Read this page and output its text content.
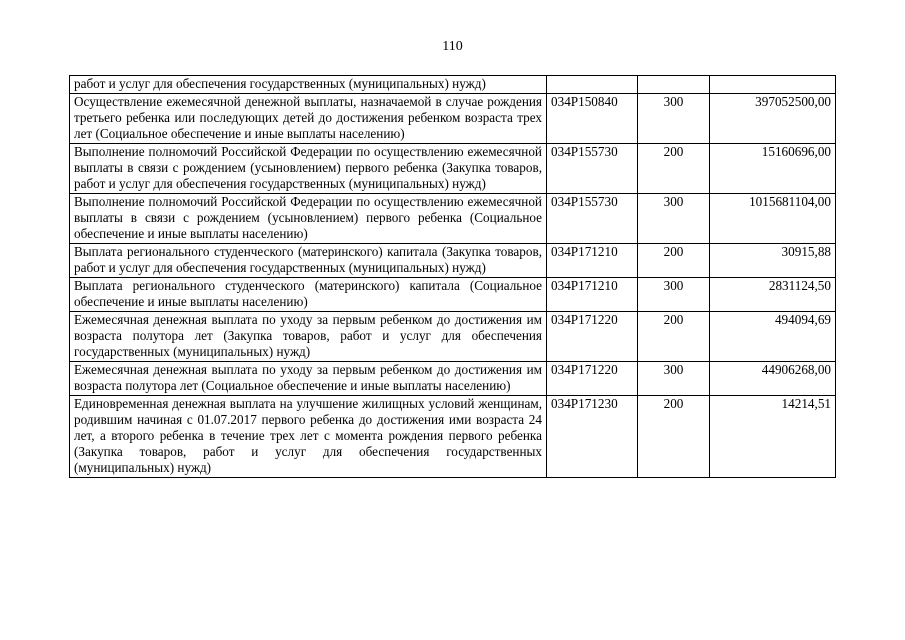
110
работ и услуг для обеспечения государственных (муниципальных) нужд)			
Осуществление ежемесячной денежной выплаты, назначаемой в случае рождения третьего ребенка или последующих детей до достижения ребенком возраста трех лет (Социальное обеспечение и иные выплаты населению)	034P150840	300	397052500,00
Выполнение полномочий Российской Федерации по осуществлению ежемесячной выплаты в связи с рождением (усыновлением) первого ребенка (Закупка товаров, работ и услуг для обеспечения государственных (муниципальных) нужд)	034P155730	200	15160696,00
Выполнение полномочий Российской Федерации по осуществлению ежемесячной выплаты в связи с рождением (усыновлением) первого ребенка (Социальное обеспечение и иные выплаты населению)	034P155730	300	1015681104,00
Выплата регионального студенческого (материнского) капитала (Закупка товаров, работ и услуг для обеспечения государственных (муниципальных) нужд)	034P171210	200	30915,88
Выплата регионального студенческого (материнского) капитала (Социальное обеспечение и иные выплаты населению)	034P171210	300	2831124,50
Ежемесячная денежная выплата по уходу за первым ребенком до достижения им возраста полутора лет (Закупка товаров, работ и услуг для обеспечения государственных (муниципальных) нужд)	034P171220	200	494094,69
Ежемесячная денежная выплата по уходу за первым ребенком до достижения им возраста полутора лет (Социальное обеспечение и иные выплаты населению)	034P171220	300	44906268,00
Единовременная денежная выплата на улучшение жилищных условий женщинам, родившим начиная с 01.07.2017 первого ребенка до достижения ими возраста 24 лет, а второго ребенка в течение трех лет с момента рождения первого ребенка (Закупка товаров, работ и услуг для обеспечения государственных (муниципальных) нужд)	034P171230	200	14214,51
